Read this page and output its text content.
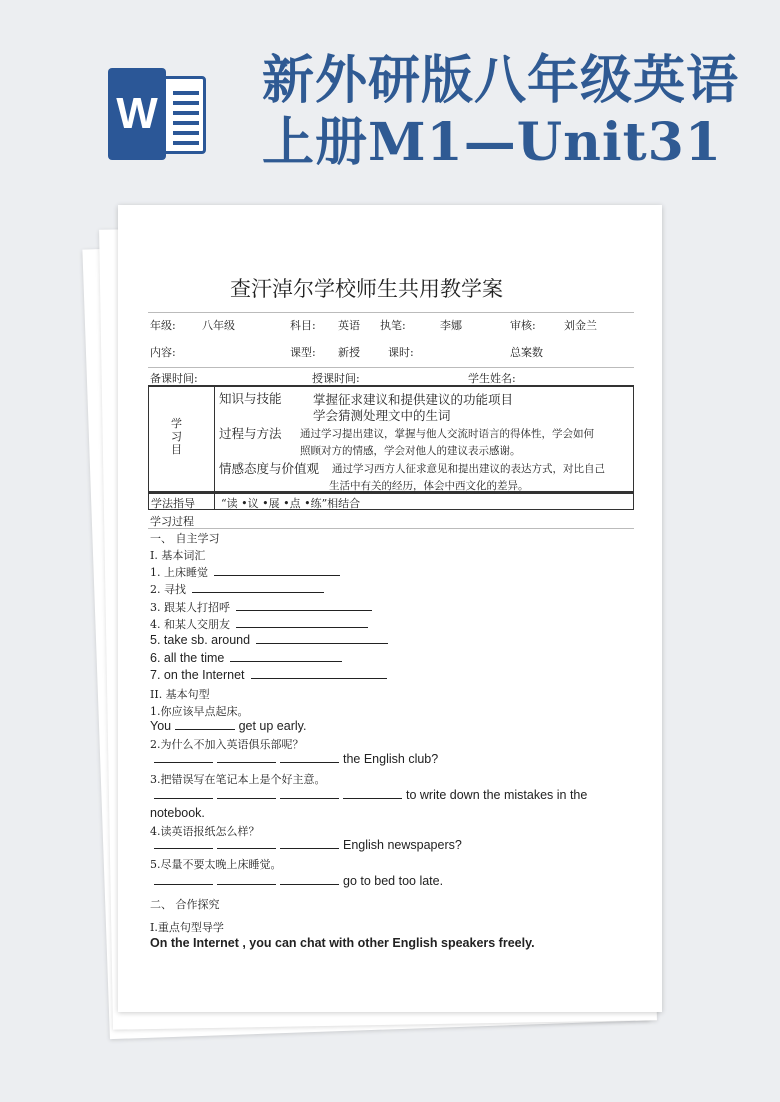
W
新外研版八年级英语上册M1—Unit31
查汗淖尔学校师生共用教学案
年级: 八年级	科目: 英语 执笔:	李娜	审核:	刘金兰
内容:	课型: 新授	课时:	总案数
备课时间:	授课时间:	学生姓名:
学习目
知识与技能	掌握征求建议和提供建议的功能项目
学会猜测处理文中的生词
过程与方法 通过学习提出建议，掌握与他人交流时语言的得体性，学会如何
照顾对方的情感，学会对他人的建议表示感谢。
情感态度与价值观 通过学习西方人征求意见和提出建议的表达方式，对比自己
生活中有关的经历，体会中西文化的差异。
学法指导 “读 •议 •展 •点 •练”相结合
学习过程
一、 自主学习
I. 基本词汇
1. 上床睡觉
2. 寻找
3. 跟某人打招呼
4. 和某人交朋友
5. take sb. around
6. all the time
7. on the Internet
II. 基本句型
1.你应该早点起床。
You	get up early.
2.为什么不加入英语俱乐部呢？
the English club?
3.把错误写在笔记本上是个好主意。
to write down the mistakes in the
notebook.
4.读英语报纸怎么样？
English newspapers?
5.尽量不要太晚上床睡觉。
go to bed too late.
二、 合作探究
I.重点句型导学
On the Internet , you can chat with other English speakers freely.
